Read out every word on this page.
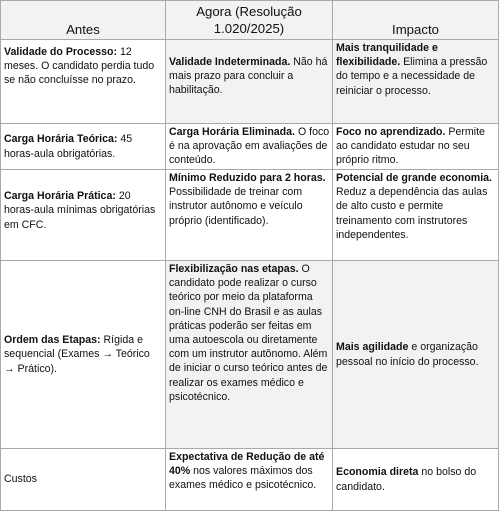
Antes	Agora (Resolução 1.020/2025)	Impacto
Validade do Processo: 12 meses. O candidato perdia tudo se não concluísse no prazo.	Validade Indeterminada. Não há mais prazo para concluir a habilitação.	Mais tranquilidade e flexibilidade. Elimina a pressão do tempo e a necessidade de reiniciar o processo.
Carga Horária Teórica: 45 horas-aula obrigatórias.	Carga Horária Eliminada. O foco é na aprovação em avaliações de conteúdo.	Foco no aprendizado. Permite ao candidato estudar no seu próprio ritmo.
Carga Horária Prática: 20 horas-aula mínimas obrigatórias em CFC.	Mínimo Reduzido para 2 horas. Possibilidade de treinar com instrutor autônomo e veículo próprio (identificado).	Potencial de grande economia. Reduz a dependência das aulas de alto custo e permite treinamento com instrutores independentes.
Ordem das Etapas: Rígida e sequencial (Exames → Teórico → Prático).	Flexibilização nas etapas. O candidato pode realizar o curso teórico por meio da plataforma on-line CNH do Brasil e as aulas práticas poderão ser feitas em uma autoescola ou diretamente com um instrutor autônomo. Além de iniciar o curso teórico antes de realizar os exames médico e psicotécnico.	Mais agilidade e organização pessoal no início do processo.
Custos	Expectativa de Redução de até 40% nos valores máximos dos exames médico e psicotécnico.	Economia direta no bolso do candidato.
